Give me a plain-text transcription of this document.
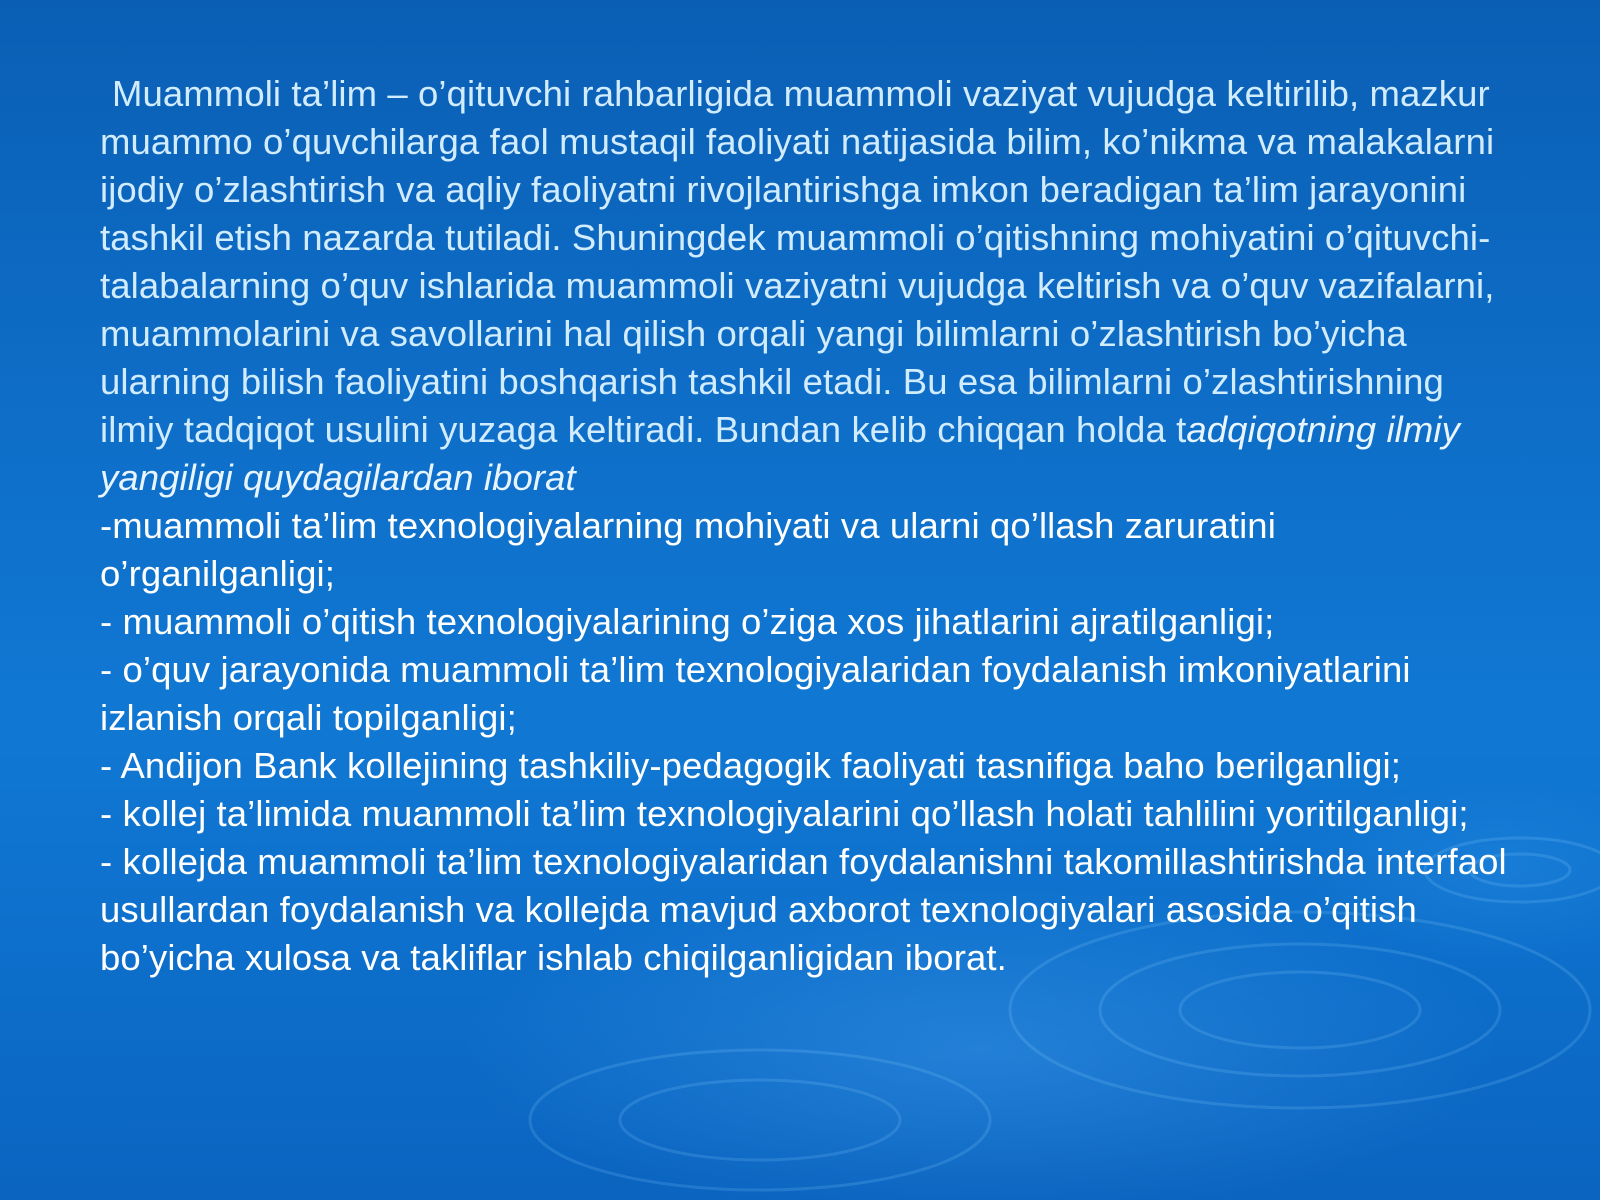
Muammoli ta’lim – o’qituvchi rahbarligida muammoli vaziyat vujudga keltirilib, mazkur muammo o’quvchilarga faol mustaqil faoliyati natijasida bilim, ko’nikma va malakalarni ijodiy o’zlashtirish va aqliy faoliyatni rivojlantirishga imkon beradigan ta’lim jarayonini tashkil etish nazarda tutiladi. Shuningdek muammoli o’qitishning mohiyatini o’qituvchi-talabalarning o’quv ishlarida muammoli vaziyatni vujudga keltirish va o’quv vazifalarni, muammolarini va savollarini hal qilish orqali yangi bilimlarni o’zlashtirish bo’yicha ularning bilish faoliyatini boshqarish tashkil etadi. Bu esa bilimlarni o’zlashtirishning ilmiy tadqiqot usulini yuzaga keltiradi. Bundan kelib chiqqan holda tadqiqotning ilmiy yangiligi quydagilardan iborat

-muammoli ta’lim texnologiyalarning mohiyati va ularni qo’llash zaruratini o’rganilganligi;
- muammoli o’qitish texnologiyalarining o’ziga xos jihatlarini ajratilganligi;
- o’quv jarayonida muammoli ta’lim texnologiyalaridan foydalanish imkoniyatlarini izlanish orqali topilganligi;
- Andijon Bank kollejining tashkiliy-pedagogik faoliyati tasnifiga baho berilganligi;
- kollej ta’limida muammoli ta’lim texnologiyalarini qo’llash holati tahlilini yoritilganligi;
- kollejda muammoli ta’lim texnologiyalaridan foydalanishni takomillashtirishda interfaol usullardan foydalanish va kollejda mavjud axborot texnologiyalari asosida o’qitish bo’yicha xulosa va takliflar ishlab chiqilganligidan iborat.
